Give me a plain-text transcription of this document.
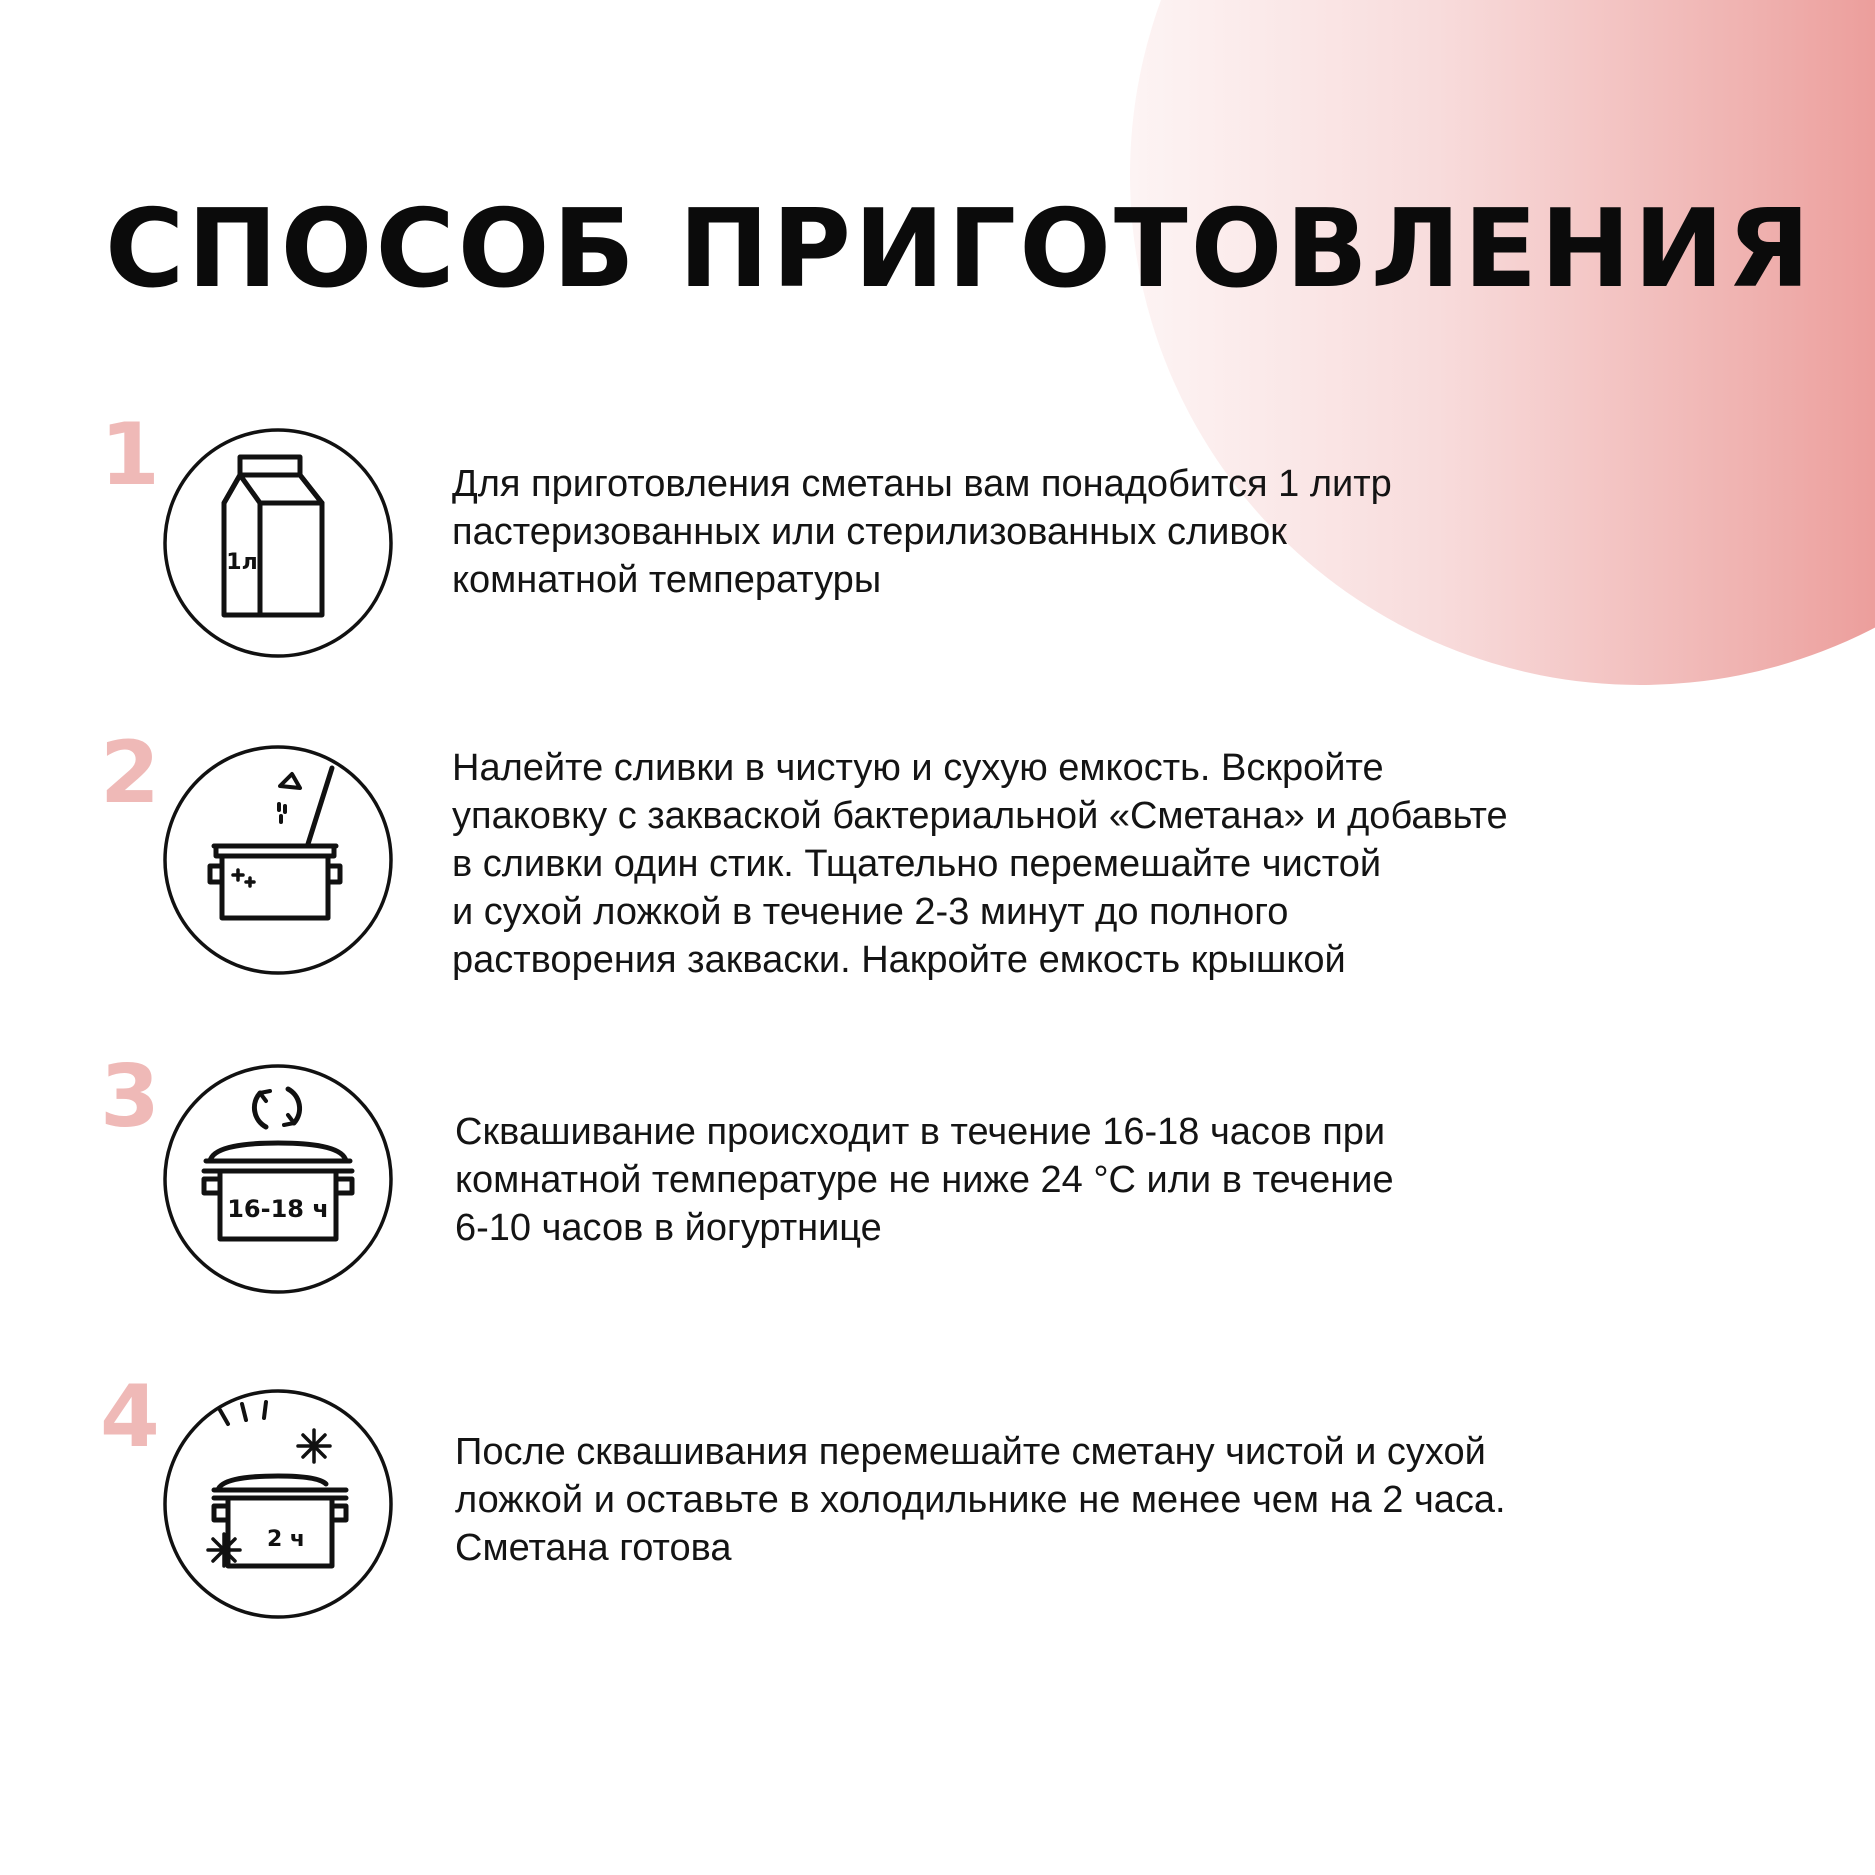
СПОСОБ ПРИГОТОВЛЕНИЯ
1
1л

Для приготовления сметаны вам понадобится 1 литр
пастеризованных или стерилизованных сливок
комнатной температуры

2	Налейте сливки в чистую и сухую емкость. Вскройте
упаковку с закваской бактериальной «Сметана» и добавьте
в сливки один стик. Тщательно перемешайте чистой
и сухой ложкой в течение 2-3 минут до полного
растворения закваски. Накройте емкость крышкой

3
16-18 ч

Сквашивание происходит в течение 16-18 часов при
комнатной температуре не ниже 24 °С или в течение
6-10 часов в йогуртнице

4
2 ч

После сквашивания перемешайте сметану чистой и сухой
ложкой и оставьте в холодильнике не менее чем на 2 часа.
Сметана готова
